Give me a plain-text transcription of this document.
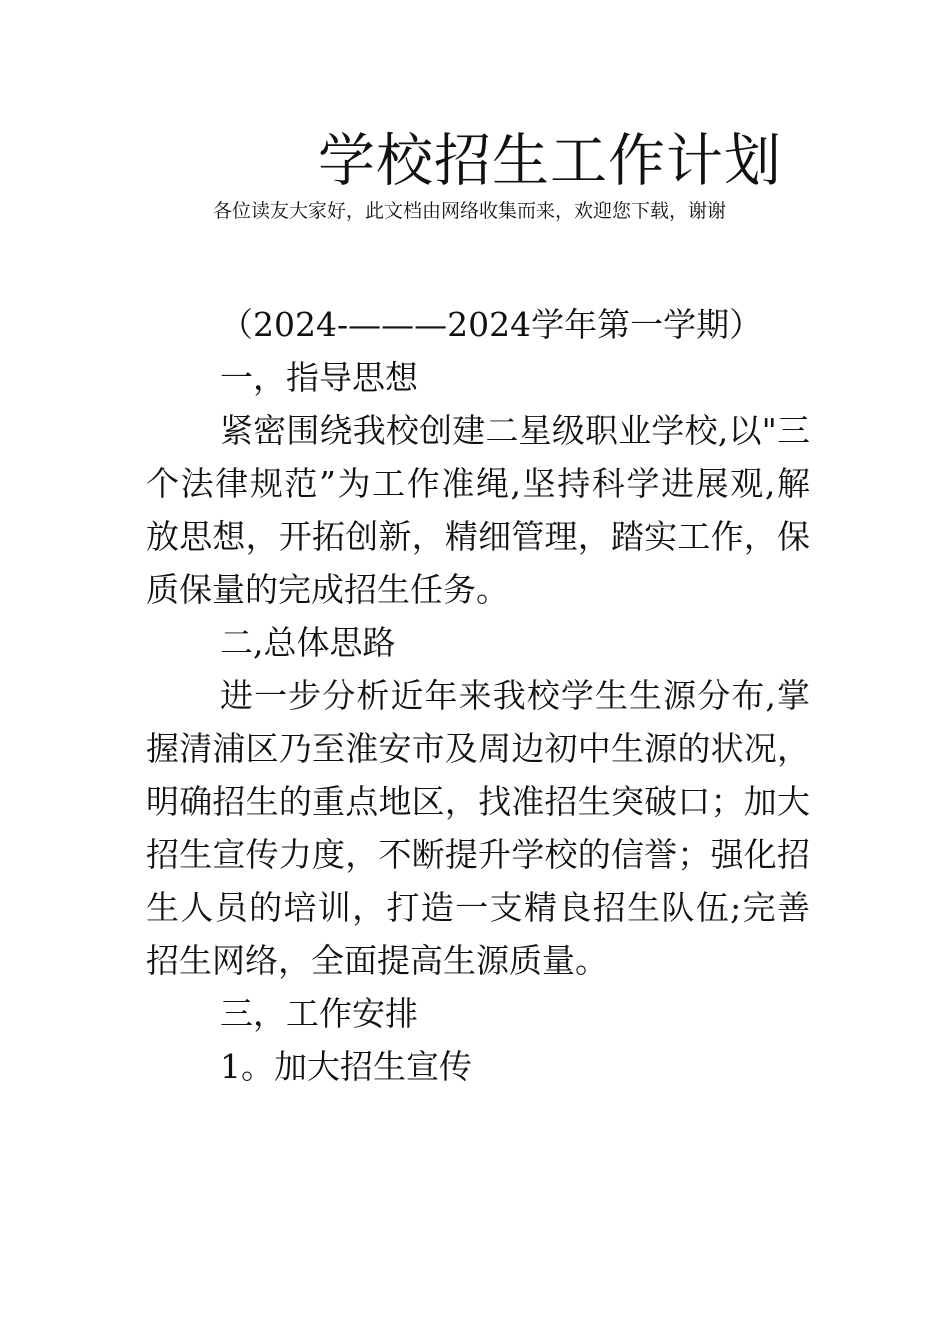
学校招生工作计划
各位读友大家好，此文档由网络收集而来，欢迎您下载，谢谢

（2024-———2024学年第一学期）

一，指导思想

紧密围绕我校创建二星级职业学校,以"三个法律规范”为工作准绳,坚持科学进展观,解放思想，开拓创新，精细管理，踏实工作，保质保量的完成招生任务。

二,总体思路

进一步分析近年来我校学生生源分布,掌握清浦区乃至淮安市及周边初中生源的状况，明确招生的重点地区，找准招生突破口；加大招生宣传力度，不断提升学校的信誉；强化招生人员的培训，打造一支精良招生队伍;完善招生网络，全面提高生源质量。

三，工作安排

1。加大招生宣传
